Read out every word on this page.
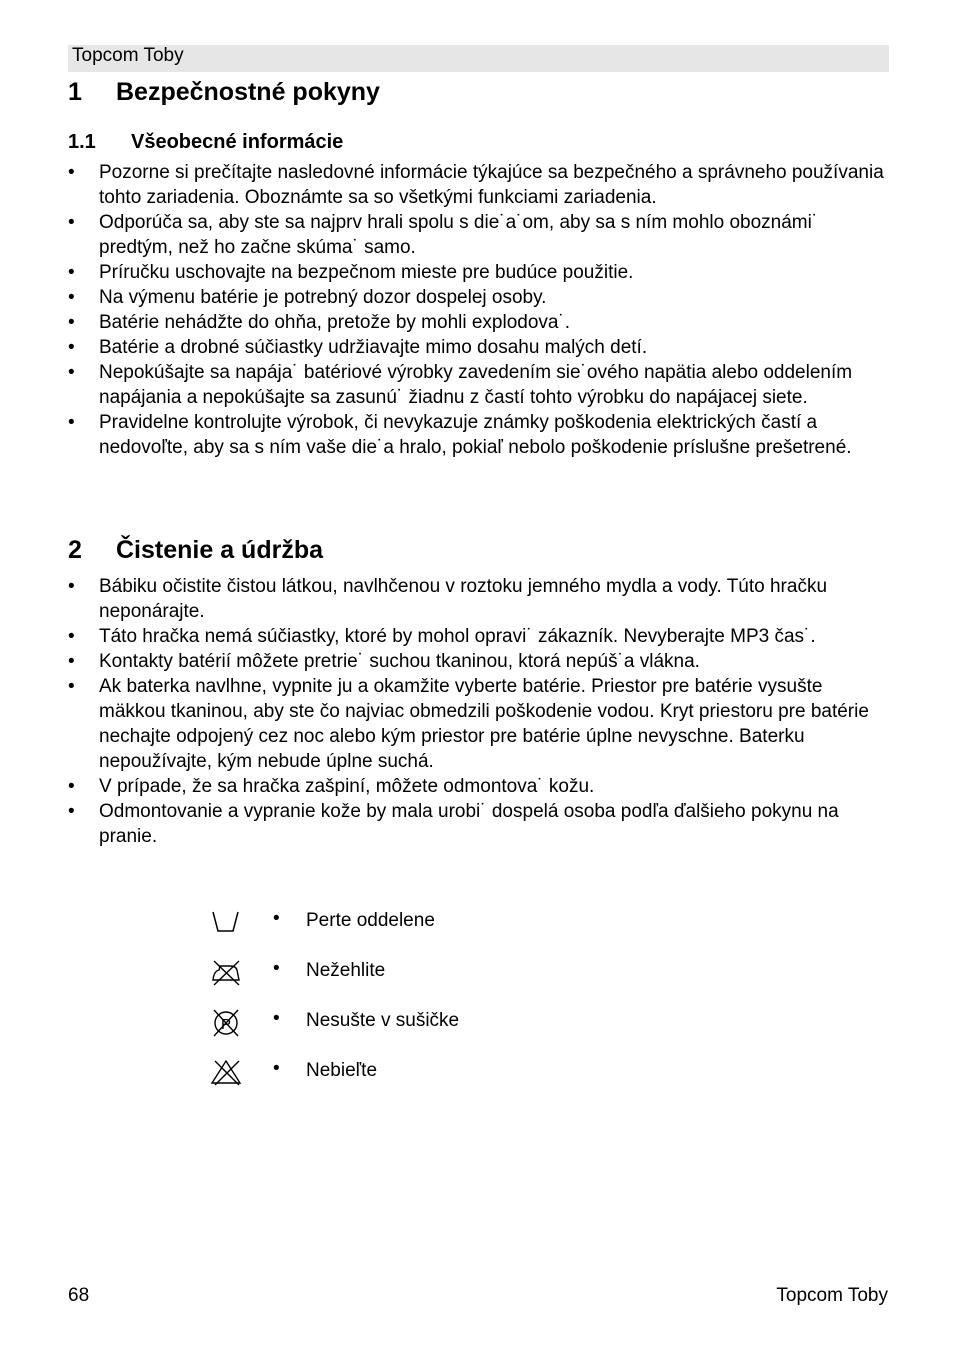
Topcom Toby
1 Bezpečnostné pokyny
1.1 Všeobecné informácie
• Pozorne si prečítajte nasledovné informácie týkajúce sa bezpečného a správneho používania tohto zariadenia. Oboznámte sa so všetkými funkciami zariadenia.
• Odporúča sa, aby ste sa najprv hrali spolu s die˙a˙om, aby sa s ním mohlo oboznámi˙ predtým, než ho začne skúma˙ samo.
• Príručku uschovajte na bezpečnom mieste pre budúce použitie.
• Na výmenu batérie je potrebný dozor dospelej osoby.
• Batérie nehádžte do ohňa, pretože by mohli explodova˙.
• Batérie a drobné súčiastky udržiavajte mimo dosahu malých detí.
• Nepokúšajte sa napája˙ batériové výrobky zavedením sie˙ového napätia alebo oddelením napájania a nepokúšajte sa zasunú˙ žiadnu z častí tohto výrobku do napájacej siete.
• Pravidelne kontrolujte výrobok, či nevykazuje známky poškodenia elektrických častí a nedovoľte, aby sa s ním vaše die˙a hralo, pokiaľ nebolo poškodenie príslušne prešetrené.
2 Čistenie a údržba
• Bábiku očistite čistou látkou, navlhčenou v roztoku jemného mydla a vody. Túto hračku neponárajte.
• Táto hračka nemá súčiastky, ktoré by mohol opravi˙ zákazník. Nevyberajte MP3 čas˙.
• Kontakty batérií môžete pretrie˙ suchou tkaninou, ktorá nepúš˙a vlákna.
• Ak baterka navlhne, vypnite ju a okamžite vyberte batérie. Priestor pre batérie vysušte mäkkou tkaninou, aby ste čo najviac obmedzili poškodenie vodou. Kryt priestoru pre batérie nechajte odpojený cez noc alebo kým priestor pre batérie úplne nevyschne. Baterku nepoužívajte, kým nebude úplne suchá.
• V prípade, že sa hračka zašpiní, môžete odmontova˙ kožu.
• Odmontovanie a vypranie kože by mala urobi˙ dospelá osoba podľa ďalšieho pokynu na pranie.
• Perte oddelene
• Nežehlite
P • Nesušte v sušičke
• Nebieľte
68	Topcom Toby
